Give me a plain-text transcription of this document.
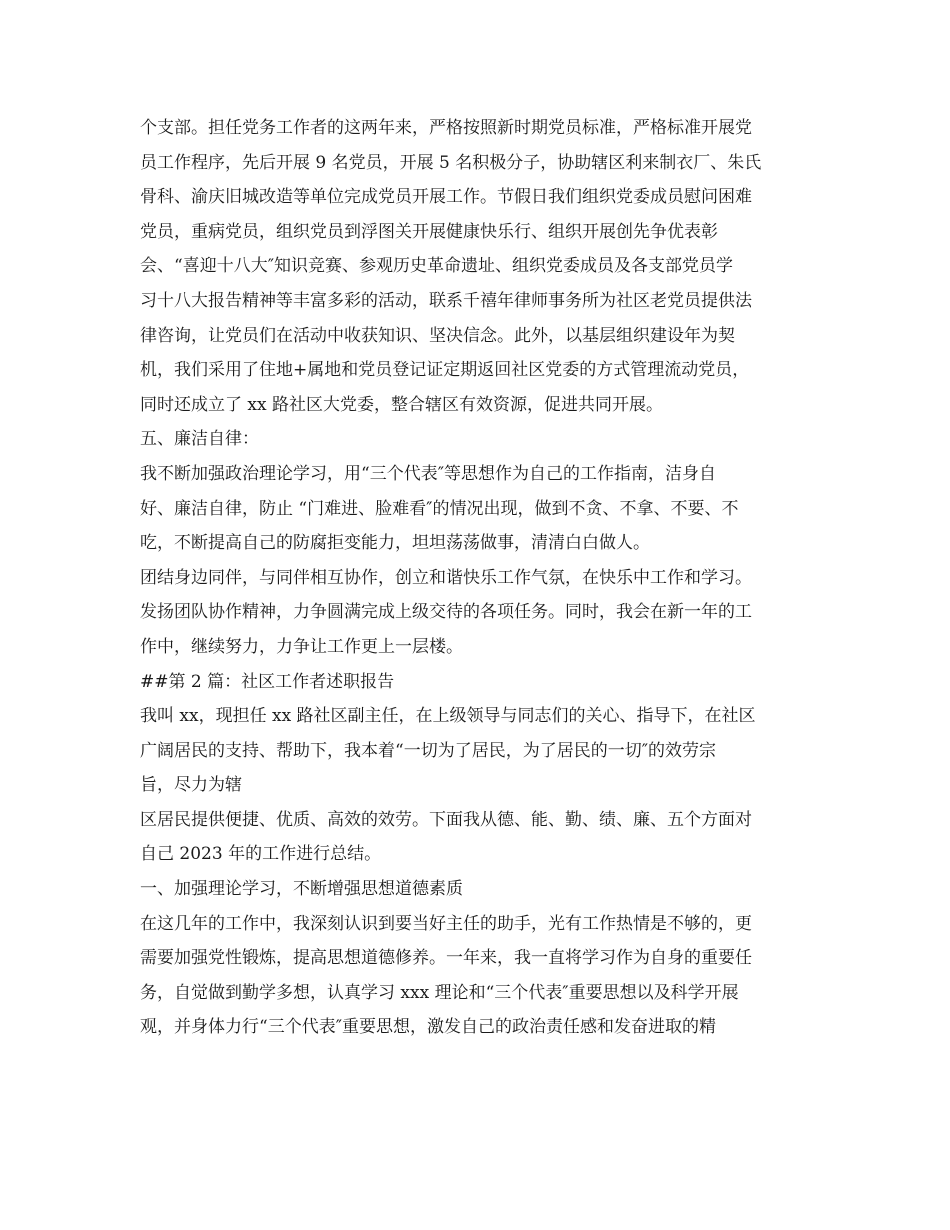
个支部。担任党务工作者的这两年来，严格按照新时期党员标准，严格标准开展党
员工作程序，先后开展 9 名党员，开展 5 名积极分子，协助辖区利来制衣厂、朱氏
骨科、渝庆旧城改造等单位完成党员开展工作。节假日我们组织党委成员慰问困难
党员，重病党员，组织党员到浮图关开展健康快乐行、组织开展创先争优表彰
会、“喜迎十八大″知识竞赛、参观历史革命遗址、组织党委成员及各支部党员学
习十八大报告精神等丰富多彩的活动，联系千禧年律师事务所为社区老党员提供法
律咨询，让党员们在活动中收获知识、坚决信念。此外，以基层组织建设年为契
机，我们采用了住地+属地和党员登记证定期返回社区党委的方式管理流动党员，
同时还成立了 xx 路社区大党委，整合辖区有效资源，促进共同开展。
五、廉洁自律：
我不断加强政治理论学习，用“三个代表″等思想作为自己的工作指南，洁身自
好、廉洁自律，防止 “门难进、脸难看″的情况出现，做到不贪、不拿、不要、不
吃，不断提高自己的防腐拒变能力，坦坦荡荡做事，清清白白做人。
团结身边同伴，与同伴相互协作，创立和谐快乐工作气氛，在快乐中工作和学习。
发扬团队协作精神，力争圆满完成上级交待的各项任务。同时，我会在新一年的工
作中，继续努力，力争让工作更上一层楼。
##第 2 篇：社区工作者述职报告
我叫 xx，现担任 xx 路社区副主任，在上级领导与同志们的关心、指导下，在社区
广阔居民的支持、帮助下，我本着“一切为了居民，为了居民的一切″的效劳宗
旨，尽力为辖
区居民提供便捷、优质、高效的效劳。下面我从德、能、勤、绩、廉、五个方面对
自己 2023 年的工作进行总结。
一、加强理论学习，不断增强思想道德素质
在这几年的工作中，我深刻认识到要当好主任的助手，光有工作热情是不够的，更
需要加强党性锻炼，提高思想道德修养。一年来，我一直将学习作为自身的重要任
务，自觉做到勤学多想，认真学习 xxx 理论和“三个代表″重要思想以及科学开展
观，并身体力行“三个代表″重要思想，激发自己的政治责任感和发奋进取的精
